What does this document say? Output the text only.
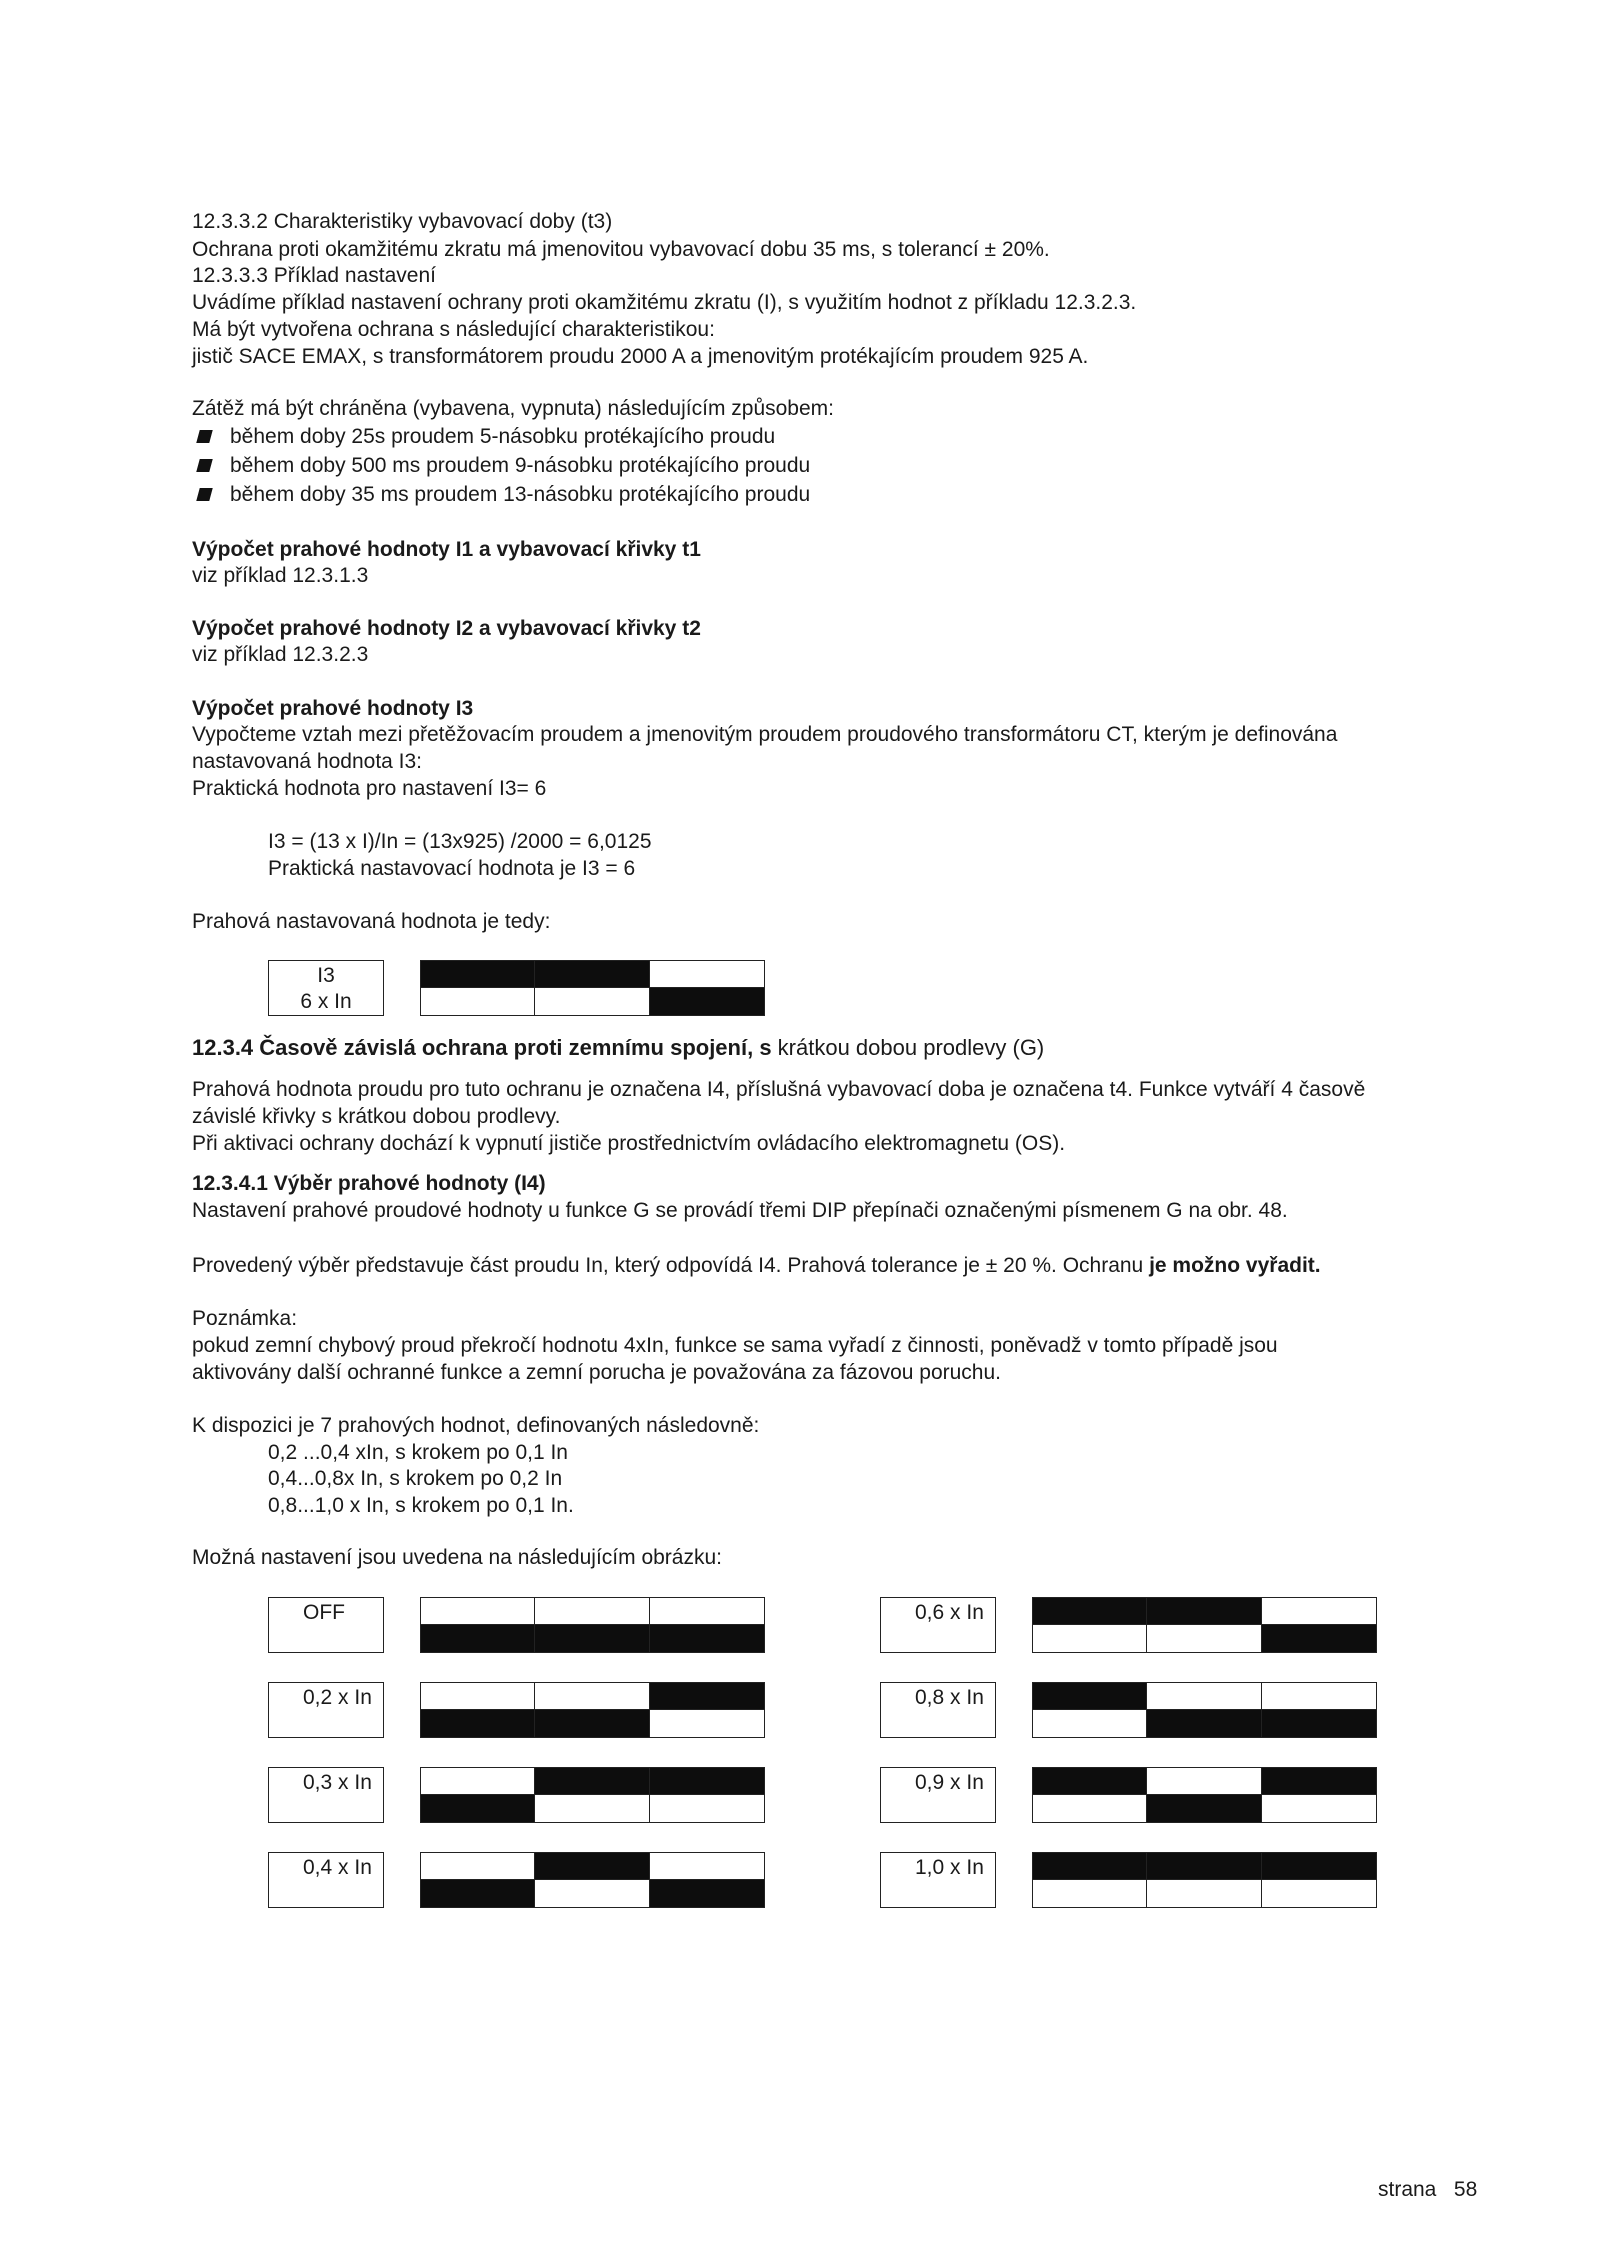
12.3.3.2 Charakteristiky vybavovací doby (t3)
Ochrana proti okamžitému zkratu má jmenovitou vybavovací dobu 35 ms, s tolerancí ± 20%.
12.3.3.3 Příklad nastavení
Uvádíme příklad nastavení ochrany proti okamžitému zkratu (I), s využitím hodnot z příkladu 12.3.2.3.
Má být vytvořena ochrana s následující charakteristikou:
jistič SACE EMAX, s transformátorem proudu 2000 A a jmenovitým protékajícím proudem 925 A.
Zátěž má být chráněna (vybavena, vypnuta) následujícím způsobem:
během doby 25s proudem 5-násobku protékajícího proudu
během doby 500 ms proudem 9-násobku protékajícího proudu
během doby 35 ms proudem 13-násobku protékajícího proudu
Výpočet prahové hodnoty I1 a vybavovací křivky t1
viz příklad 12.3.1.3
Výpočet prahové hodnoty I2 a vybavovací křivky t2
viz příklad 12.3.2.3
Výpočet prahové hodnoty I3
Vypočteme vztah mezi přetěžovacím proudem a jmenovitým proudem proudového transformátoru CT, kterým je definována
nastavovaná hodnota I3:
Praktická hodnota pro nastavení I3= 6
I3 = (13 x I)/In = (13x925) /2000 = 6,0125
Praktická nastavovací hodnota je I3 = 6
Prahová nastavovaná hodnota je tedy:
Prahová hodnota proudu pro tuto ochranu je označena I4, příslušná vybavovací doba je označena t4. Funkce vytváří 4 časově
závislé křivky s krátkou dobou prodlevy.
Při aktivaci ochrany dochází k vypnutí jističe prostřednictvím ovládacího elektromagnetu (OS).
12.3.4.1 Výběr prahové hodnoty (I4)
Nastavení prahové proudové hodnoty u funkce G se provádí třemi DIP přepínači označenými písmenem G na obr. 48.
Poznámka:
pokud zemní chybový proud překročí hodnotu 4xIn, funkce se sama vyřadí z činnosti, poněvadž v tomto případě jsou
aktivovány další ochranné funkce a zemní porucha je považována za fázovou poruchu.
K dispozici je 7 prahových hodnot, definovaných následovně:
0,2 ...0,4 xIn, s krokem po 0,1 In
0,4...0,8x In, s krokem po 0,2 In
0,8...1,0 x In, s krokem po 0,1 In.
Možná nastavení jsou uvedena na následujícím obrázku:
12.3.4 Časově závislá ochrana proti zemnímu spojení, s krátkou dobou prodlevy (G)
Provedený výběr představuje část proudu In, který odpovídá I4. Prahová tolerance je ± 20 %. Ochranu je možno vyřadit.
I3
6 x In
OFF
0,2 x In
0,3 x In
0,4 x In
0,6 x In
0,8 x In
0,9 x In
1,0 x In
strana 58
